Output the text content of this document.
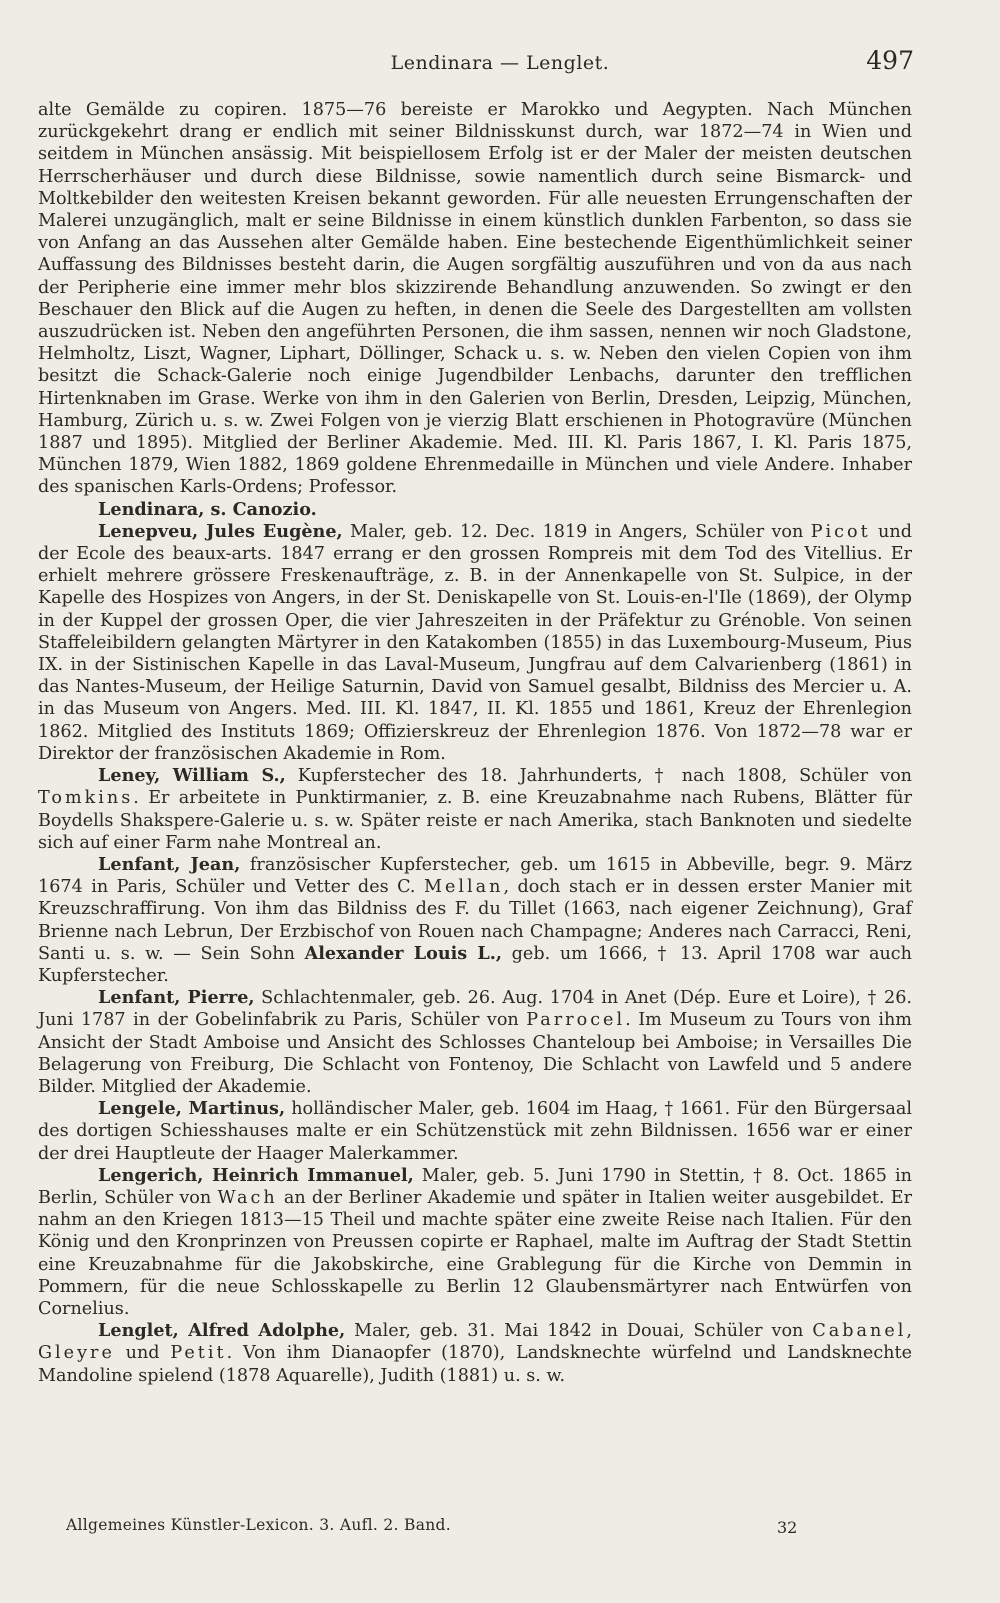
Lendinara — Lenglet.	497

alte Gemälde zu copiren. 1875—76 bereiste er Marokko und Aegypten. Nach München zurückgekehrt drang er endlich mit seiner Bildnisskunst durch, war 1872—74 in Wien und seitdem in München ansässig. Mit beispiellosem Erfolg ist er der Maler der meisten deutschen Herrscherhäuser und durch diese Bildnisse, sowie namentlich durch seine Bismarck- und Moltkebilder den weitesten Kreisen bekannt geworden. Für alle neuesten Errungenschaften der Malerei unzugänglich, malt er seine Bildnisse in einem künstlich dunklen Farbenton, so dass sie von Anfang an das Aussehen alter Gemälde haben. Eine bestechende Eigenthümlichkeit seiner Auffassung des Bildnisses besteht darin, die Augen sorgfältig auszuführen und von da aus nach der Peripherie eine immer mehr blos skizzirende Behandlung anzuwenden. So zwingt er den Beschauer den Blick auf die Augen zu heften, in denen die Seele des Dargestellten am vollsten auszudrücken ist. Neben den angeführten Personen, die ihm sassen, nennen wir noch Gladstone, Helmholtz, Liszt, Wagner, Liphart, Döllinger, Schack u. s. w. Neben den vielen Copien von ihm besitzt die Schack-Galerie noch einige Jugendbilder Lenbachs, darunter den trefflichen Hirtenknaben im Grase. Werke von ihm in den Galerien von Berlin, Dresden, Leipzig, München, Hamburg, Zürich u. s. w. Zwei Folgen von je vierzig Blatt erschienen in Photogravüre (München 1887 und 1895). Mitglied der Berliner Akademie. Med. III. Kl. Paris 1867, I. Kl. Paris 1875, München 1879, Wien 1882, 1869 goldene Ehrenmedaille in München und viele Andere. Inhaber des spanischen Karls-Ordens; Professor.

Lendinara, s. Canozio.

Lenepveu, Jules Eugène, Maler, geb. 12. Dec. 1819 in Angers, Schüler von Picot und der Ecole des beaux-arts. 1847 errang er den grossen Rompreis mit dem Tod des Vitellius. Er erhielt mehrere grössere Freskenaufträge, z. B. in der Annenkapelle von St. Sulpice, in der Kapelle des Hospizes von Angers, in der St. Deniskapelle von St. Louis-en-l'Ile (1869), der Olymp in der Kuppel der grossen Oper, die vier Jahreszeiten in der Präfektur zu Grénoble. Von seinen Staffeleibildern gelangten Märtyrer in den Katakomben (1855) in das Luxembourg-Museum, Pius IX. in der Sistinischen Kapelle in das Laval-Museum, Jungfrau auf dem Calvarienberg (1861) in das Nantes-Museum, der Heilige Saturnin, David von Samuel gesalbt, Bildniss des Mercier u. A. in das Museum von Angers. Med. III. Kl. 1847, II. Kl. 1855 und 1861, Kreuz der Ehrenlegion 1862. Mitglied des Instituts 1869; Offizierskreuz der Ehrenlegion 1876. Von 1872—78 war er Direktor der französischen Akademie in Rom.

Leney, William S., Kupferstecher des 18. Jahrhunderts, † nach 1808, Schüler von Tomkins. Er arbeitete in Punktirmanier, z. B. eine Kreuzabnahme nach Rubens, Blätter für Boydells Shakspere-Galerie u. s. w. Später reiste er nach Amerika, stach Banknoten und siedelte sich auf einer Farm nahe Montreal an.

Lenfant, Jean, französischer Kupferstecher, geb. um 1615 in Abbeville, begr. 9. März 1674 in Paris, Schüler und Vetter des C. Mellan, doch stach er in dessen erster Manier mit Kreuzschraffirung. Von ihm das Bildniss des F. du Tillet (1663, nach eigener Zeichnung), Graf Brienne nach Lebrun, Der Erzbischof von Rouen nach Champagne; Anderes nach Carracci, Reni, Santi u. s. w. — Sein Sohn Alexander Louis L., geb. um 1666, † 13. April 1708 war auch Kupferstecher.

Lenfant, Pierre, Schlachtenmaler, geb. 26. Aug. 1704 in Anet (Dép. Eure et Loire), † 26. Juni 1787 in der Gobelinfabrik zu Paris, Schüler von Parrocel. Im Museum zu Tours von ihm Ansicht der Stadt Amboise und Ansicht des Schlosses Chanteloup bei Amboise; in Versailles Die Belagerung von Freiburg, Die Schlacht von Fontenoy, Die Schlacht von Lawfeld und 5 andere Bilder. Mitglied der Akademie.

Lengele, Martinus, holländischer Maler, geb. 1604 im Haag, † 1661. Für den Bürgersaal des dortigen Schiesshauses malte er ein Schützenstück mit zehn Bildnissen. 1656 war er einer der drei Hauptleute der Haager Malerkammer.

Lengerich, Heinrich Immanuel, Maler, geb. 5. Juni 1790 in Stettin, † 8. Oct. 1865 in Berlin, Schüler von Wach an der Berliner Akademie und später in Italien weiter ausgebildet. Er nahm an den Kriegen 1813—15 Theil und machte später eine zweite Reise nach Italien. Für den König und den Kronprinzen von Preussen copirte er Raphael, malte im Auftrag der Stadt Stettin eine Kreuzabnahme für die Jakobskirche, eine Grablegung für die Kirche von Demmin in Pommern, für die neue Schlosskapelle zu Berlin 12 Glaubensmärtyrer nach Entwürfen von Cornelius.

Lenglet, Alfred Adolphe, Maler, geb. 31. Mai 1842 in Douai, Schüler von Cabanel, Gleyre und Petit. Von ihm Dianaopfer (1870), Landsknechte würfelnd und Landsknechte Mandoline spielend (1878 Aquarelle), Judith (1881) u. s. w.

Allgemeines Künstler-Lexicon. 3. Aufl. 2. Band.	32
